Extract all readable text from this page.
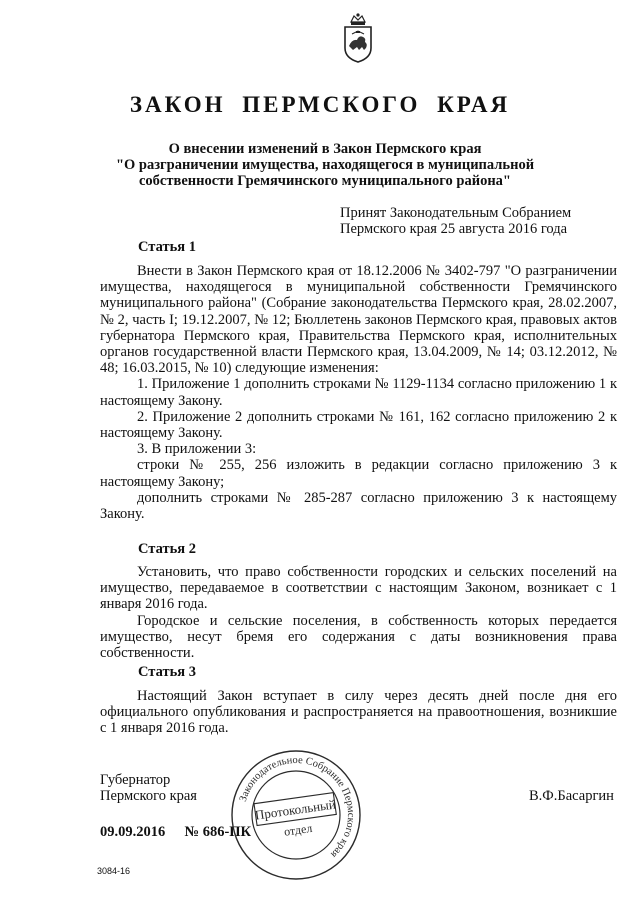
ЗАКОН ПЕРМСКОГО КРАЯ
О внесении изменений в Закон Пермского края
"О разграничении имущества, находящегося в муниципальной
собственности Гремячинского муниципального района"
Принят Законодательным Собранием
Пермского края 25 августа 2016 года
Статья 1

Внести в Закон Пермского края от 18.12.2006 № 3402-797 "О разграничении имущества, находящегося в муниципальной собственности Гремячинского муниципального района" (Собрание законодательства Пермского края, 28.02.2007, № 2, часть I; 19.12.2007, № 12; Бюллетень законов Пермского края, правовых актов губернатора Пермского края, Правительства Пермского края, исполнительных органов государственной власти Пермского края, 13.04.2009, № 14; 03.12.2012, № 48; 16.03.2015, № 10) следующие изменения:

1. Приложение 1 дополнить строками № 1129-1134 согласно приложению 1 к настоящему Закону.

2. Приложение 2 дополнить строками № 161, 162 согласно приложению 2 к настоящему Закону.

3. В приложении 3:

строки № 255, 256 изложить в редакции согласно приложению 3 к настоящему Закону;

дополнить строками № 285-287 согласно приложению 3 к настоящему Закону.

Статья 2

Установить, что право собственности городских и сельских поселений на имущество, передаваемое в соответствии с настоящим Законом, возникает с 1 января 2016 года.

Городское и сельские поселения, в собственность которых передается имущество, несут бремя его содержания с даты возникновения права собственности.

Статья 3

Настоящий Закон вступает в силу через десять дней после дня его официального опубликования и распространяется на правоотношения, возникшие с 1 января 2016 года.

Губернатор
Пермского края	В.Ф.Басаргин
09.09.2016 № 686-ПК
Законодательное Собрание Пермского края
Протокольный
отдел
3084-16
